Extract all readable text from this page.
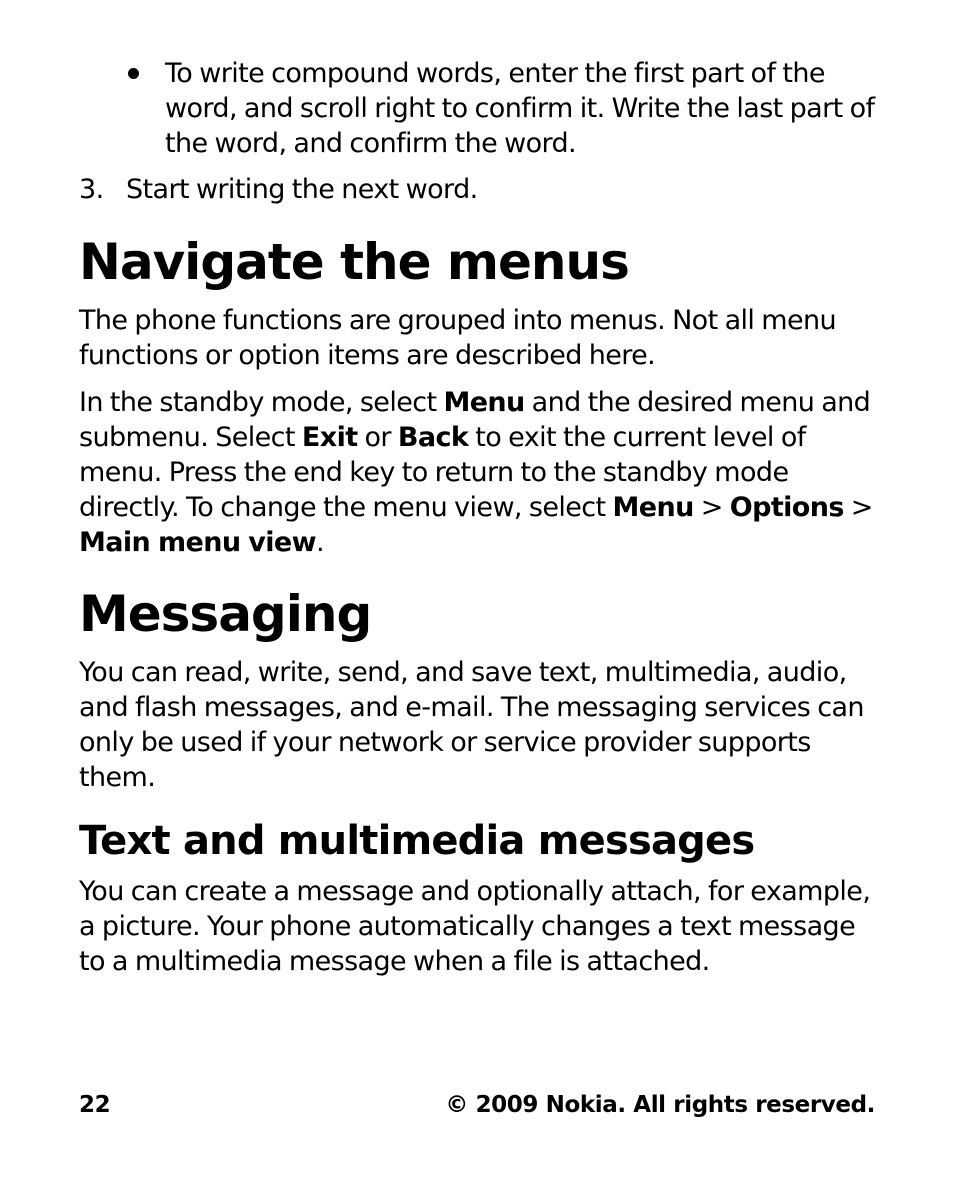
To write compound words, enter the first part of the word, and scroll right to confirm it. Write the last part of the word, and confirm the word.
3. Start writing the next word.
Navigate the menus

The phone functions are grouped into menus. Not all menu functions or option items are described here.

In the standby mode, select Menu and the desired menu and submenu. Select Exit or Back to exit the current level of menu. Press the end key to return to the standby mode directly. To change the menu view, select Menu > Options > Main menu view.

Messaging

You can read, write, send, and save text, multimedia, audio, and flash messages, and e-mail. The messaging services can only be used if your network or service provider supports them.

Text and multimedia messages

You can create a message and optionally attach, for example, a picture. Your phone automatically changes a text message to a multimedia message when a file is attached.

22	© 2009 Nokia. All rights reserved.
